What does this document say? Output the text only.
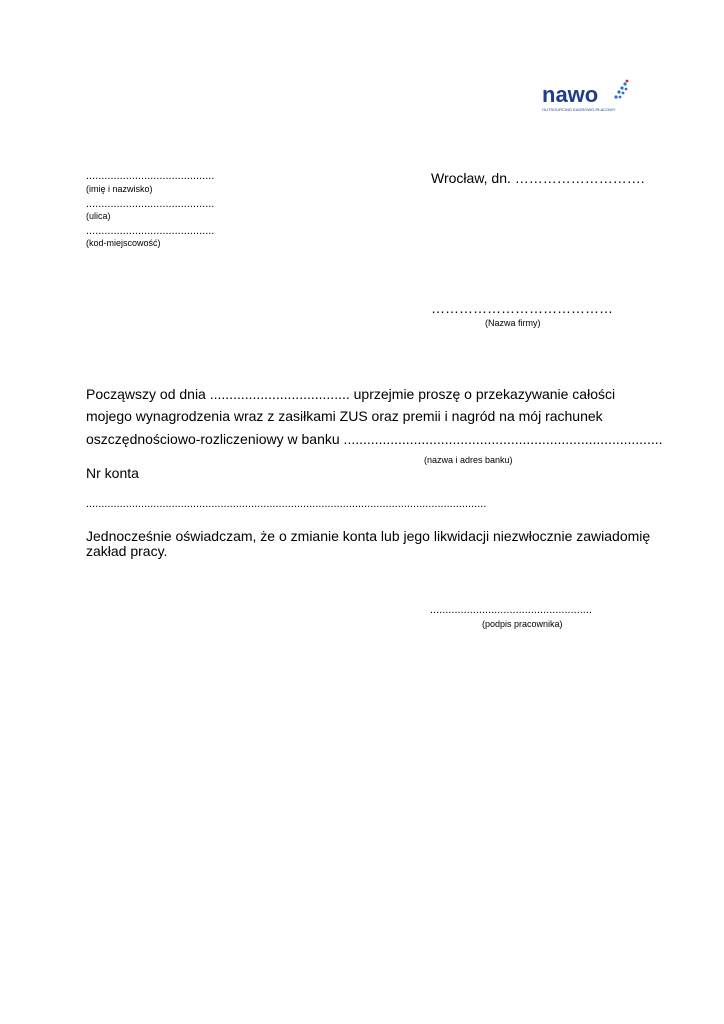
nawo
OUTSOURCING KADROWO-PŁACOWY
..........................................
(imię i nazwisko)
..........................................
(ulica)
..........................................
(kod-miejscowość)
Wrocław, dn. ……………………….
…………………………………
(Nazwa firmy)
Począwszy od dnia .................................... uprzejmie proszę o przekazywanie całości
mojego wynagrodzenia wraz z zasiłkami ZUS oraz premii i nagród na mój rachunek
oszczędnościowo-rozliczeniowy w banku ..................................................................................
(nazwa i adres banku)
Nr konta
...................................................................................................................................
Jednocześnie oświadczam, że o zmianie konta lub jego likwidacji niezwłocznie zawiadomię
zakład pracy.
.....................................................
(podpis pracownika)
